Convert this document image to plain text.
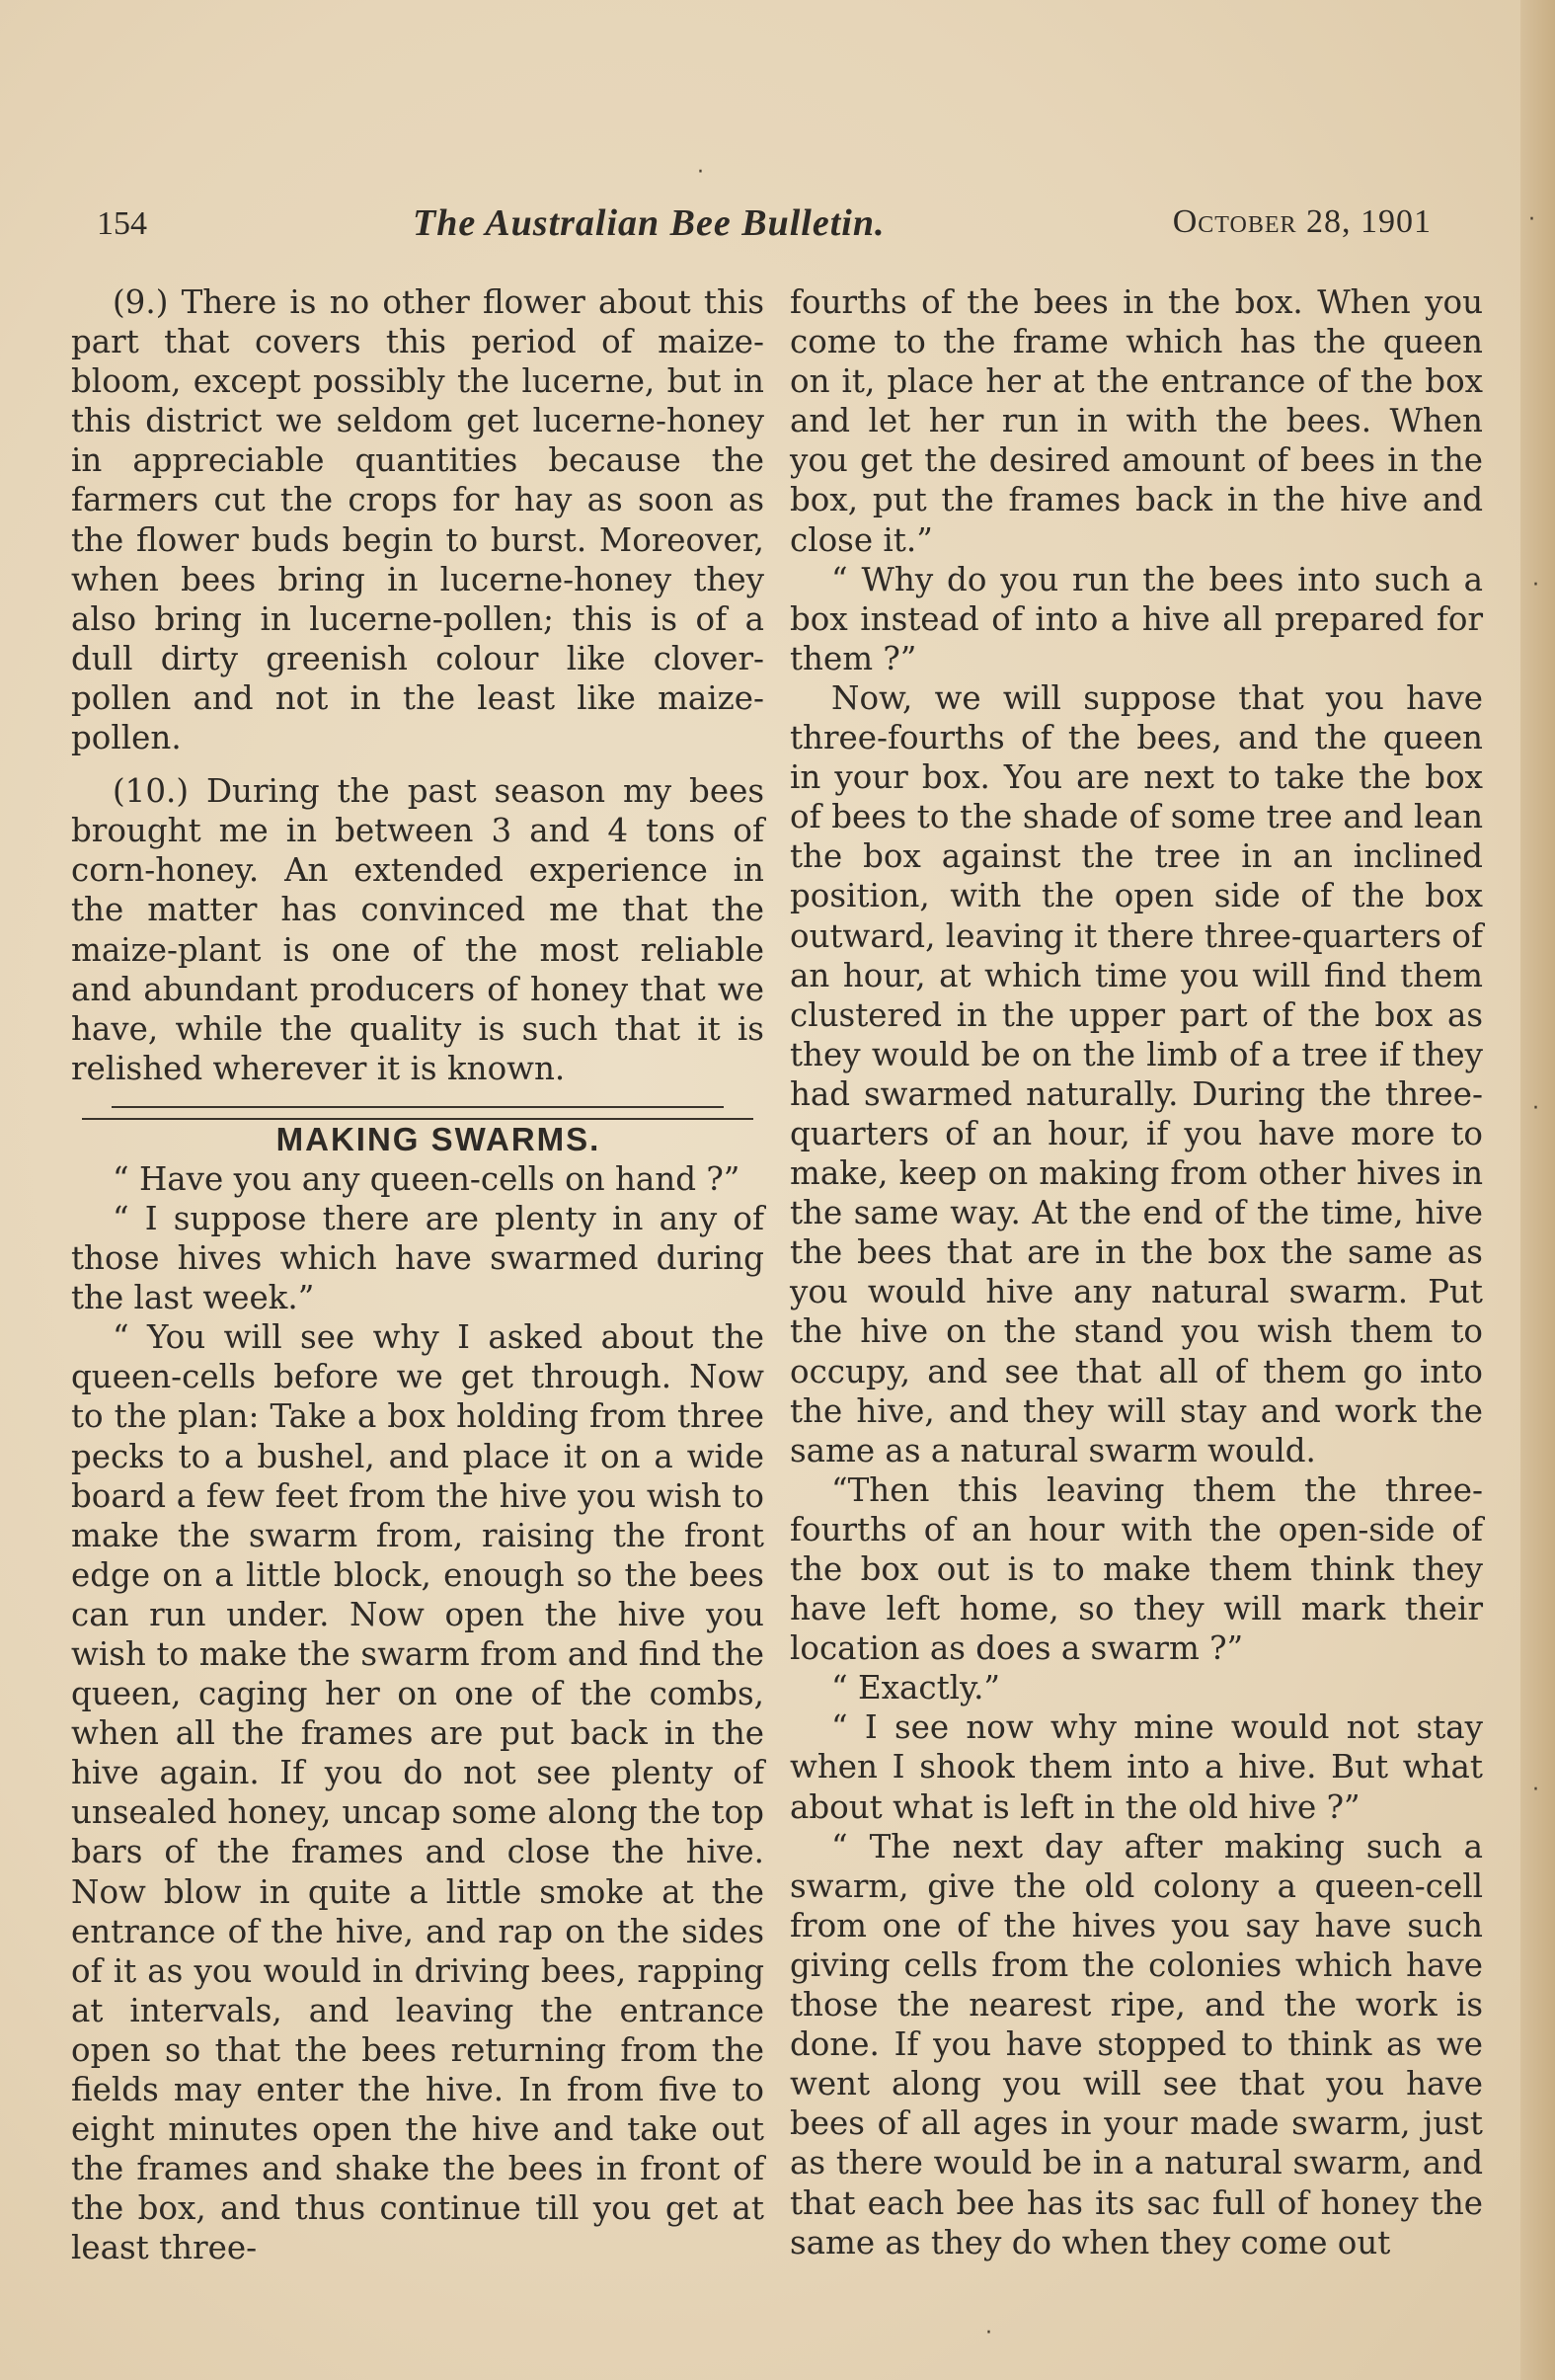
154	The Australian Bee Bulletin.	October 28, 1901

(9.) There is no other flower about this part that covers this period of maize-bloom, except possibly the lucerne, but in this district we seldom get lucerne-honey in appreciable quantities because the farmers cut the crops for hay as soon as the flower buds begin to burst. Moreover, when bees bring in lucerne-honey they also bring in lucerne-pollen; this is of a dull dirty greenish colour like clover-pollen and not in the least like maize-pollen.

(10.) During the past season my bees brought me in between 3 and 4 tons of corn-honey. An extended experience in the matter has convinced me that the maize-plant is one of the most reliable and abundant producers of honey that we have, while the quality is such that it is relished wherever it is known.

MAKING SWARMS.

“ Have you any queen-cells on hand ?”

“ I suppose there are plenty in any of those hives which have swarmed during the last week.”

“ You will see why I asked about the queen-cells before we get through. Now to the plan: Take a box holding from three pecks to a bushel, and place it on a wide board a few feet from the hive you wish to make the swarm from, raising the front edge on a little block, enough so the bees can run under. Now open the hive you wish to make the swarm from and find the queen, caging her on one of the combs, when all the frames are put back in the hive again. If you do not see plenty of unsealed honey, uncap some along the top bars of the frames and close the hive. Now blow in quite a little smoke at the entrance of the hive, and rap on the sides of it as you would in driving bees, rapping at intervals, and leaving the entrance open so that the bees returning from the fields may enter the hive. In from five to eight minutes open the hive and take out the frames and shake the bees in front of the box, and thus continue till you get at least three-

fourths of the bees in the box. When you come to the frame which has the queen on it, place her at the entrance of the box and let her run in with the bees. When you get the desired amount of bees in the box, put the frames back in the hive and close it.”

“ Why do you run the bees into such a box instead of into a hive all prepared for them ?”

Now, we will suppose that you have three-fourths of the bees, and the queen in your box. You are next to take the box of bees to the shade of some tree and lean the box against the tree in an inclined position, with the open side of the box outward, leaving it there three-quarters of an hour, at which time you will find them clustered in the upper part of the box as they would be on the limb of a tree if they had swarmed naturally. During the three-quarters of an hour, if you have more to make, keep on making from other hives in the same way. At the end of the time, hive the bees that are in the box the same as you would hive any natural swarm. Put the hive on the stand you wish them to occupy, and see that all of them go into the hive, and they will stay and work the same as a natural swarm would.

“Then this leaving them the three-fourths of an hour with the open-side of the box out is to make them think they have left home, so they will mark their location as does a swarm ?”

“ Exactly.”

“ I see now why mine would not stay when I shook them into a hive. But what about what is left in the old hive ?”

“ The next day after making such a swarm, give the old colony a queen-cell from one of the hives you say have such giving cells from the colonies which have those the nearest ripe, and the work is done. If you have stopped to think as we went along you will see that you have bees of all ages in your made swarm, just as there would be in a natural swarm, and that each bee has its sac full of honey the same as they do when they come out

·
·
·
·
·
·
